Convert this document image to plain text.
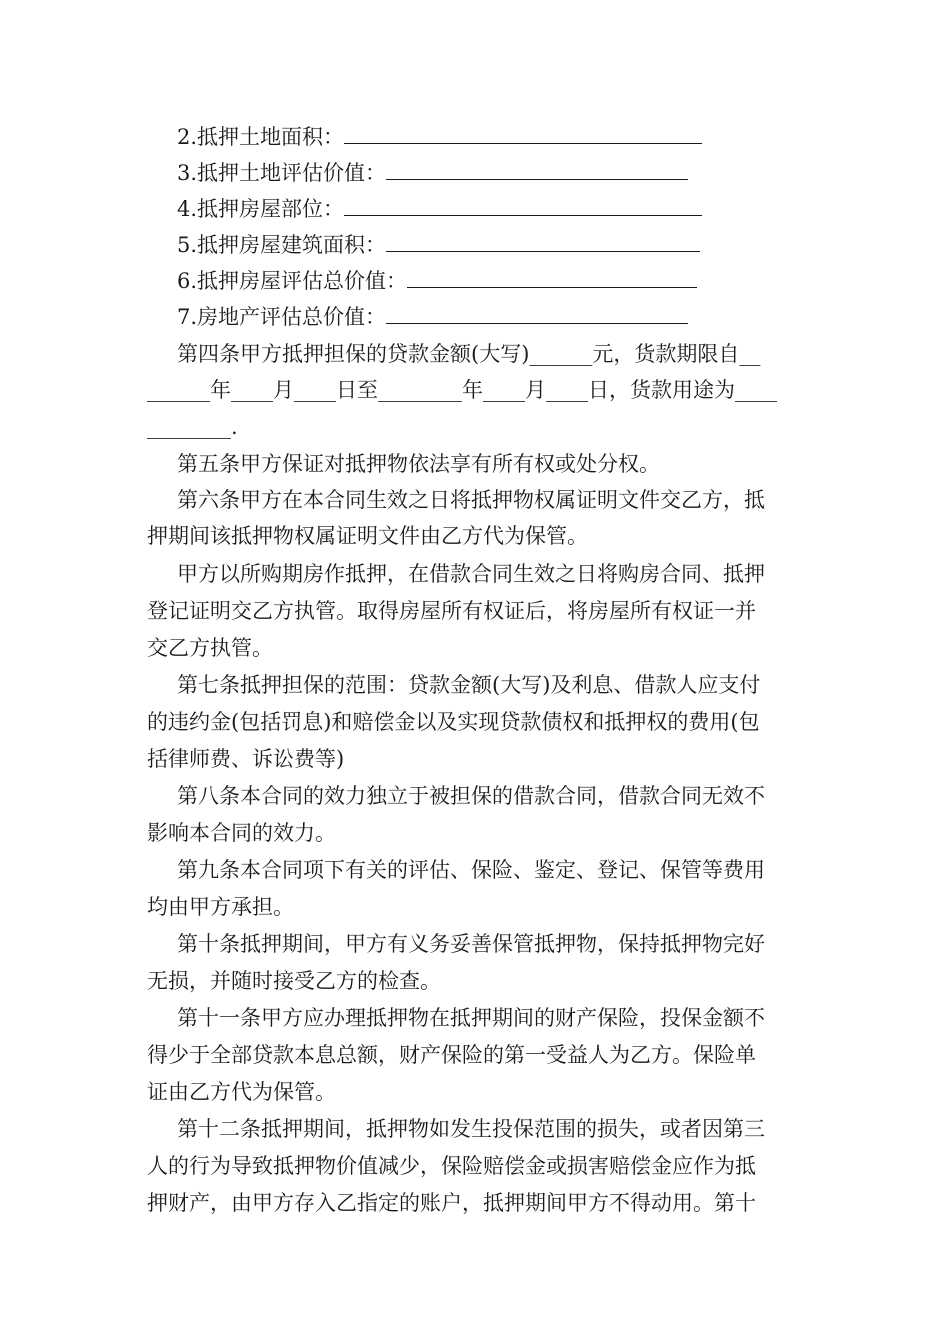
2.抵押土地面积：
3.抵押土地评估价值：
4.抵押房屋部位：
5.抵押房屋建筑面积：
6.抵押房屋评估总价值：
7.房地产评估总价值：
第四条甲方抵押担保的贷款金额(大写)______元，货款期限自__
______年____月____日至________年____月____日，货款用途为____
________.
第五条甲方保证对抵押物依法享有所有权或处分权。
第六条甲方在本合同生效之日将抵押物权属证明文件交乙方，抵
押期间该抵押物权属证明文件由乙方代为保管。
甲方以所购期房作抵押，在借款合同生效之日将购房合同、抵押
登记证明交乙方执管。取得房屋所有权证后，将房屋所有权证一并
交乙方执管。
第七条抵押担保的范围：贷款金额(大写)及利息、借款人应支付
的违约金(包括罚息)和赔偿金以及实现贷款债权和抵押权的费用(包
括律师费、诉讼费等)
第八条本合同的效力独立于被担保的借款合同，借款合同无效不
影响本合同的效力。
第九条本合同项下有关的评估、保险、鉴定、登记、保管等费用
均由甲方承担。
第十条抵押期间，甲方有义务妥善保管抵押物，保持抵押物完好
无损，并随时接受乙方的检查。
第十一条甲方应办理抵押物在抵押期间的财产保险，投保金额不
得少于全部贷款本息总额，财产保险的第一受益人为乙方。保险单
证由乙方代为保管。
第十二条抵押期间，抵押物如发生投保范围的损失，或者因第三
人的行为导致抵押物价值减少，保险赔偿金或损害赔偿金应作为抵
押财产，由甲方存入乙指定的账户，抵押期间甲方不得动用。第十
